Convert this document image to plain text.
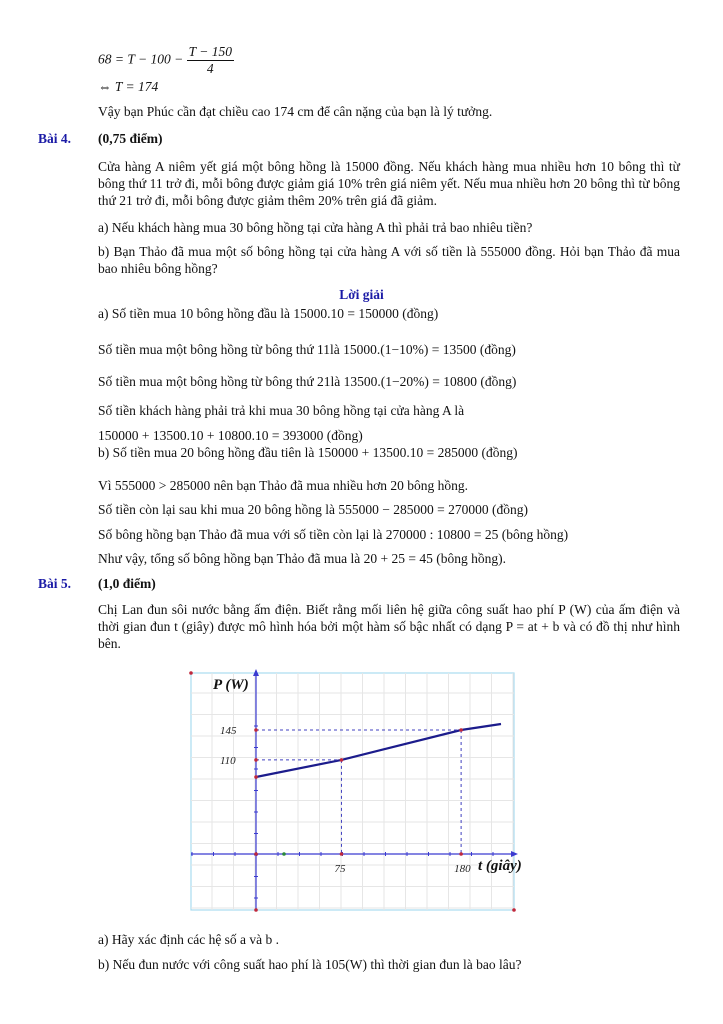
$68 = T - 100 - \frac{T - 150}{4}$
⇔ T = 174
Vậy bạn Phúc cần đạt chiều cao 174 cm để cân nặng của bạn là lý tưởng.
Bài 4. (0,75 điểm)
Cửa hàng A niêm yết giá một bông hồng là 15000 đồng. Nếu khách hàng mua nhiều hơn 10 bông thì từ bông thứ 11 trở đi, mỗi bông được giảm giá 10% trên giá niêm yết. Nếu mua nhiều hơn 20 bông thì từ bông thứ 21 trở đi, mỗi bông được giảm thêm 20% trên giá đã giảm.
a) Nếu khách hàng mua 30 bông hồng tại cửa hàng A thì phải trả bao nhiêu tiền?
b) Bạn Thảo đã mua một số bông hồng tại cửa hàng A với số tiền là 555000 đồng. Hỏi bạn Thảo đã mua bao nhiêu bông hồng?
Lời giải
a) Số tiền mua 10 bông hồng đầu là 15000.10 = 150000 (đồng)
Số tiền mua một bông hồng từ bông thứ 11là 15000.(1−10%) = 13500 (đồng)
Số tiền mua một bông hồng từ bông thứ 21là 13500.(1−20%) = 10800 (đồng)
Số tiền khách hàng phải trả khi mua 30 bông hồng tại cửa hàng A là
150000 + 13500.10 + 10800.10 = 393000 (đồng)
b) Số tiền mua 20 bông hồng đầu tiên là 150000 + 13500.10 = 285000 (đồng)
Vì 555000 > 285000 nên bạn Thảo đã mua nhiều hơn 20 bông hồng.
Số tiền còn lại sau khi mua 20 bông hồng là 555000 − 285000 = 270000 (đồng)
Số bông hồng bạn Thảo đã mua với số tiền còn lại là 270000 : 10800 = 25 (bông hồng)
Như vậy, tổng số bông hồng bạn Thảo đã mua là 20 + 25 = 45 (bông hồng).
Bài 5. (1,0 điểm)
Chị Lan đun sôi nước bằng ấm điện. Biết rằng mối liên hệ giữa công suất hao phí P (W) của ấm điện và thời gian đun t (giây) được mô hình hóa bởi một hàm số bậc nhất có dạng P = at + b và có đồ thị như hình bên.
t (giây)
P (W)
75
110
180
145
a) Hãy xác định các hệ số a và b .
b) Nếu đun nước với công suất hao phí là 105(W) thì thời gian đun là bao lâu?
